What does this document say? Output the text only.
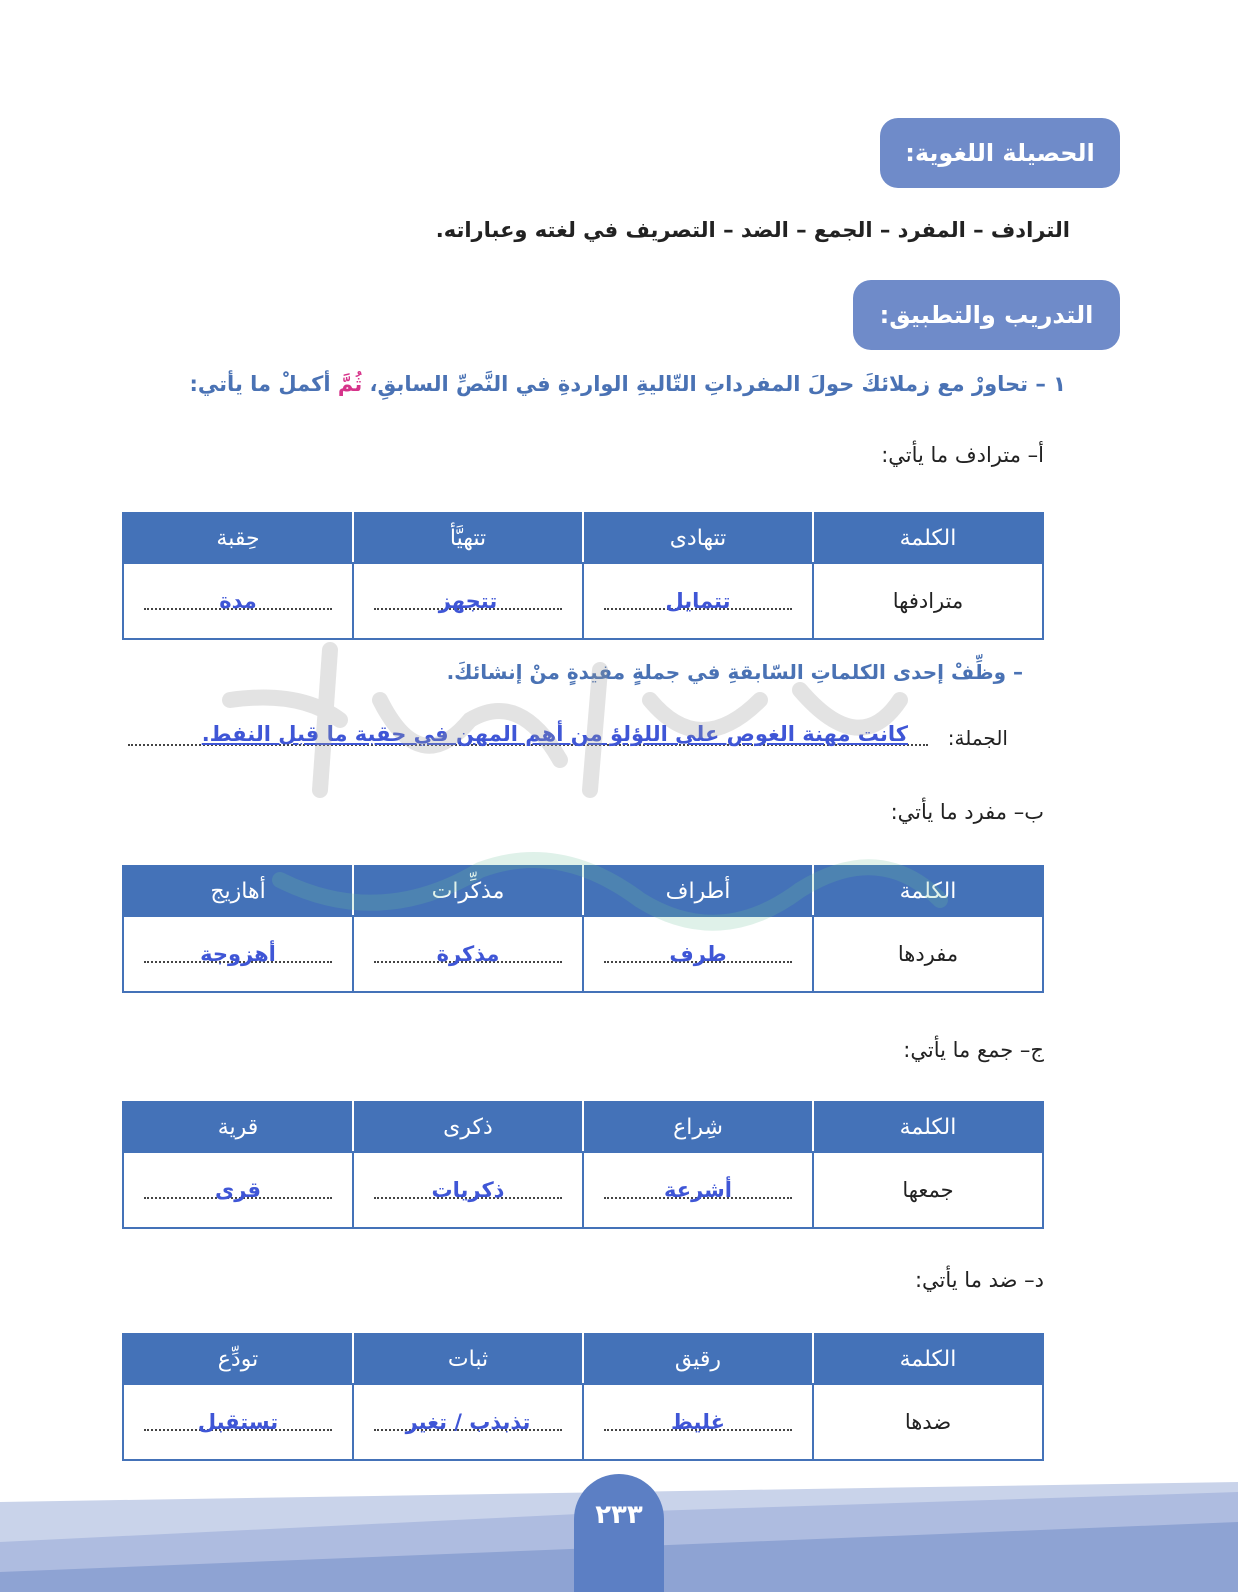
الحصيلة اللغوية:
الترادف – المفرد – الجمع – الضد – التصريف في لغته وعباراته.
التدريب والتطبيق:
١ – تحاورْ مع زملائكَ حولَ المفرداتِ التّاليةِ الواردةِ في النَّصِّ السابقِ، ثُمَّ أكملْ ما يأتي:
أ– مترادف ما يأتي:
الكلمة	تتهادى	تتهيَّأ	حِقبة
مترادفها	تتمايل	تتجهز	مدة
– وظِّفْ إحدى الكلماتِ السّابقةِ في جملةٍ مفيدةٍ منْ إنشائكَ.
الجملة:
كانت مهنة الغوص على اللؤلؤ من أهم المهن في حقبة ما قبل النفط.
ب– مفرد ما يأتي:
الكلمة	أطراف	مذكِّرات	أهازيج
مفردها	طرف	مذكرة	أهزوجة
ج– جمع ما يأتي:
الكلمة	شِراع	ذكرى	قرية
جمعها	أشرعة	ذكريات	قرى
د– ضد ما يأتي:
الكلمة	رقيق	ثبات	تودِّع
ضدها	غليظ	تذبذب / تغير	تستقبل
٢٣٣
